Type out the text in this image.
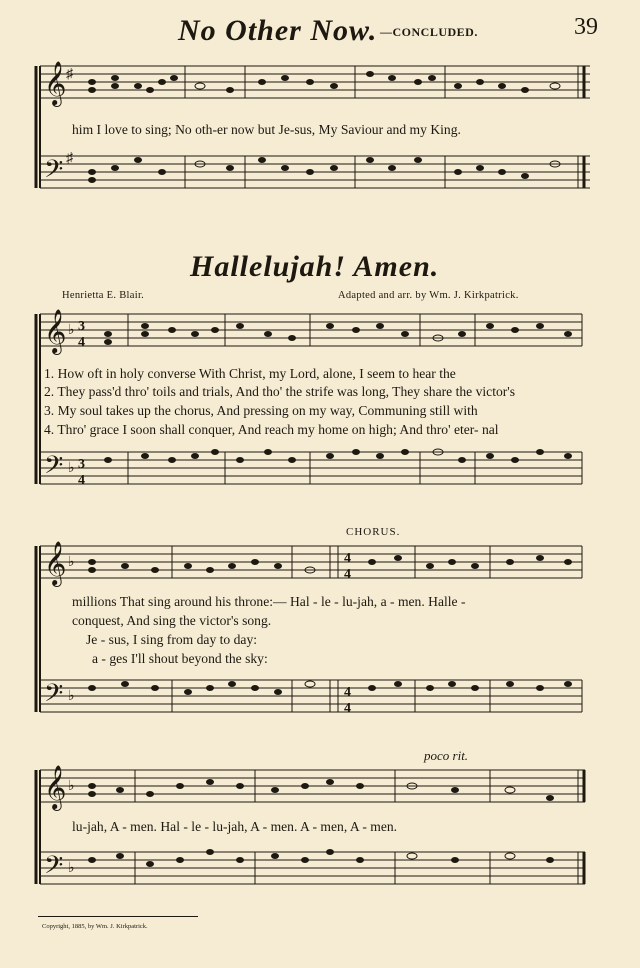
No Other Now. —CONCLUDED.	39
𝄞 ♯
𝄢 ♯
him I love to sing; No oth-er now but Je-sus, My Saviour and my King.
Hallelujah! Amen.
Henrietta E. Blair.	Adapted and arr. by Wm. J. Kirkpatrick.
𝄞 ♭ 3
4
𝄢 ♭ 3
4
1. How oft in holy converse With Christ, my Lord, alone, I seem to hear the
2. They pass'd thro' toils and trials, And tho' the strife was long, They share the victor's
3. My soul takes up the chorus, And pressing on my way, Communing still with
4. Thro' grace I soon shall conquer, And reach my home on high; And thro' eter- nal
CHORUS.
𝄞 ♭
𝄢 ♭
4
4
4
4
millions That sing around his throne:— Hal - le - lu-jah, a - men. Halle -
conquest, And sing the victor's song.
Je - sus, I sing from day to day:
a - ges I'll shout beyond the sky:
poco rit.
𝄞 ♭
𝄢 ♭
lu-jah, A - men. Hal - le - lu-jah, A - men. A - men, A - men.
Copyright, 1885, by Wm. J. Kirkpatrick.
